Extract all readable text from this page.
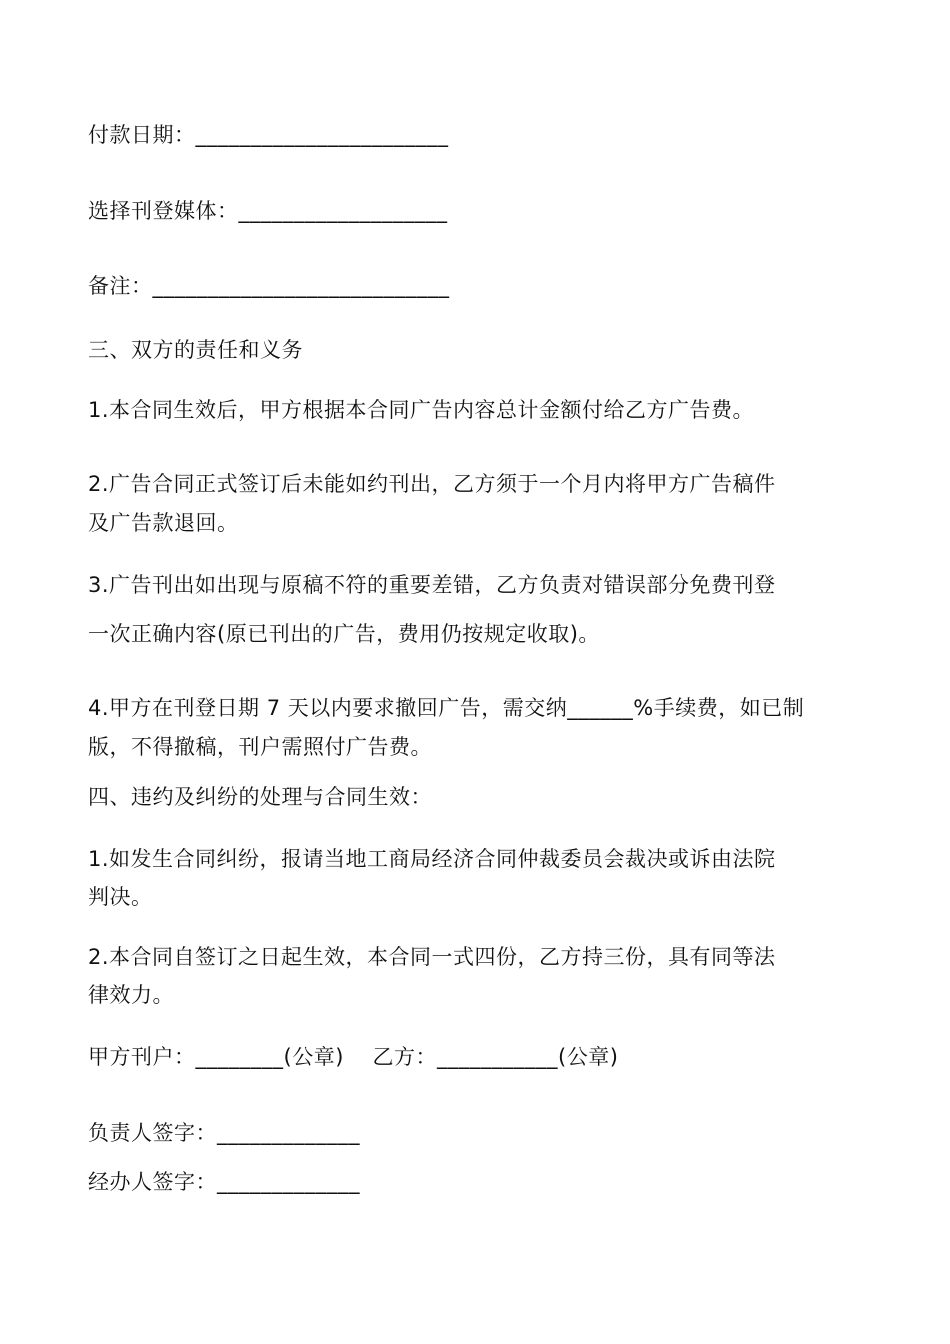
付款日期：_______________________
选择刊登媒体：___________________
备注：___________________________
三、双方的责任和义务
1.本合同生效后，甲方根据本合同广告内容总计金额付给乙方广告费。
2.广告合同正式签订后未能如约刊出，乙方须于一个月内将甲方广告稿件
及广告款退回。
3.广告刊出如出现与原稿不符的重要差错，乙方负责对错误部分免费刊登
一次正确内容(原已刊出的广告，费用仍按规定收取)。
4.甲方在刊登日期 7 天以内要求撤回广告，需交纳______%手续费，如已制
版，不得撤稿，刊户需照付广告费。
四、违约及纠纷的处理与合同生效：
1.如发生合同纠纷，报请当地工商局经济合同仲裁委员会裁决或诉由法院
判决。
2.本合同自签订之日起生效，本合同一式四份，乙方持三份，具有同等法
律效力。
甲方刊户：________(公章)　 乙方：___________(公章)
负责人签字：_____________
经办人签字：_____________
